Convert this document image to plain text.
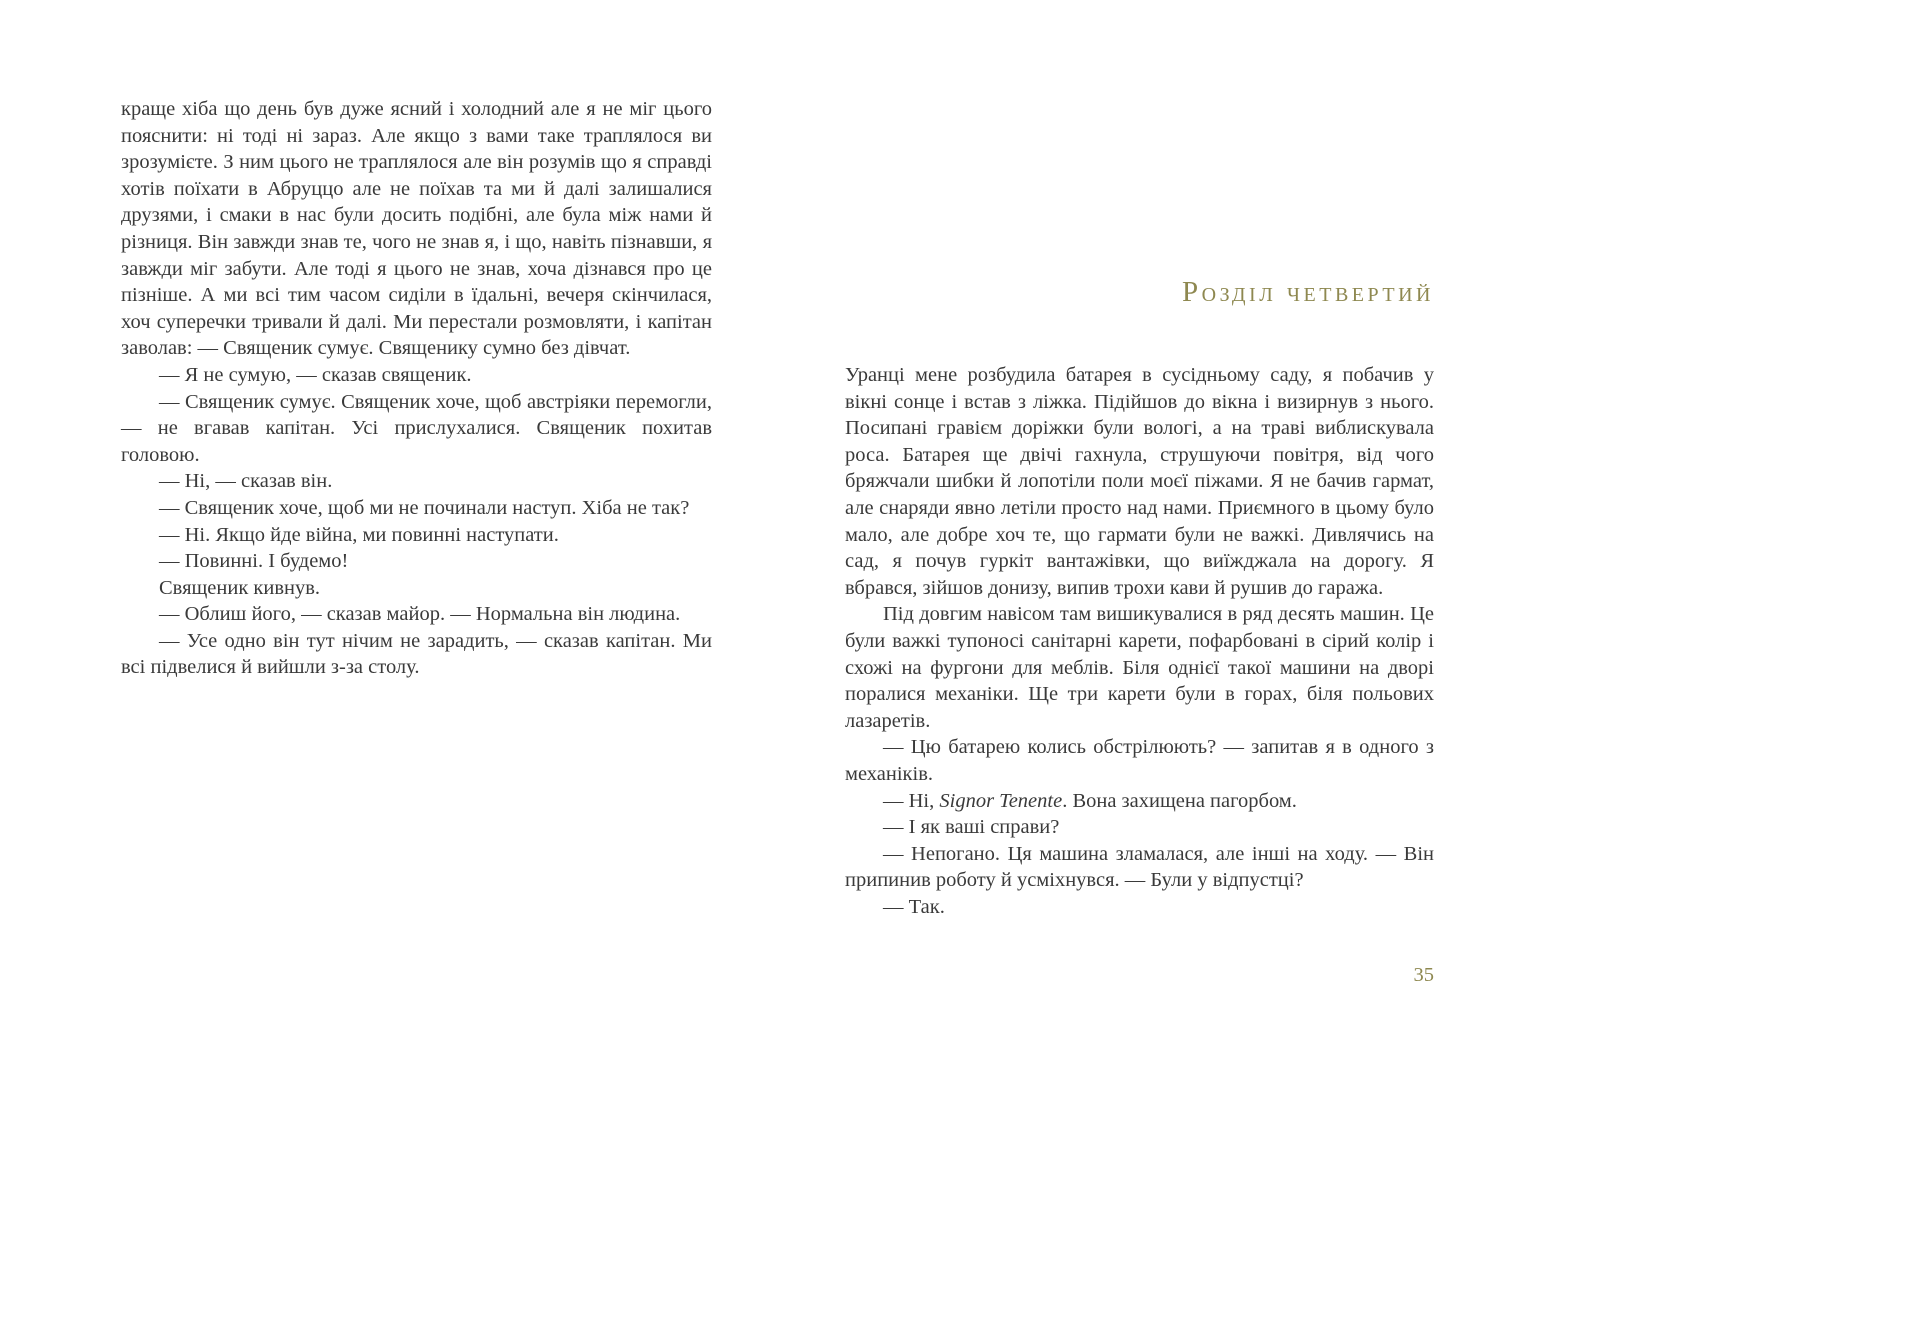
краще хіба що день був дуже ясний і холодний але я не міг цього пояснити: ні тоді ні зараз. Але якщо з вами таке траплялося ви зрозумієте. З ним цього не траплялося але він розумів що я справді хотів поїхати в Абруццо але не поїхав та ми й далі залишалися друзями, і смаки в нас були досить подібні, але була між нами й різниця. Він завжди знав те, чого не знав я, і що, навіть пізнавши, я завжди міг забути. Але тоді я цього не знав, хоча дізнався про це пізніше. А ми всі тим часом сиділи в їдальні, вечеря скінчилася, хоч суперечки тривали й далі. Ми перестали розмовляти, і капітан заволав: — Священик сумує. Священику сумно без дівчат.

— Я не сумую, — сказав священик.

— Священик сумує. Священик хоче, щоб австріяки перемогли, — не вгавав капітан. Усі прислухалися. Священик похитав головою.

— Ні, — сказав він.

— Священик хоче, щоб ми не починали наступ. Хіба не так?

— Ні. Якщо йде війна, ми повинні наступати.

— Повинні. І будемо!

Священик кивнув.

— Облиш його, — сказав майор. — Нормальна він людина.

— Усе одно він тут нічим не зарадить, — сказав капітан. Ми всі підвелися й вийшли з-за столу.

Розділ четвертий

Уранці мене розбудила батарея в сусідньому саду, я побачив у вікні сонце і встав з ліжка. Підійшов до вікна і визирнув з нього. Посипані гравієм доріжки були вологі, а на траві виблискувала роса. Батарея ще двічі гахнула, струшуючи повітря, від чого бряжчали шибки й лопотіли поли моєї піжами. Я не бачив гармат, але снаряди явно летіли просто над нами. Приємного в цьому було мало, але добре хоч те, що гармати були не важкі. Дивлячись на сад, я почув гуркіт вантажівки, що виїжджала на дорогу. Я вбрався, зійшов донизу, випив трохи кави й рушив до гаража.

Під довгим навісом там вишикувалися в ряд десять машин. Це були важкі тупоносі санітарні карети, пофарбовані в сірий колір і схожі на фургони для меблів. Біля однієї такої машини на дворі поралися механіки. Ще три карети були в горах, біля польових лазаретів.

— Цю батарею колись обстрілюють? — запитав я в одного з механіків.

— Ні, Signor Tenente. Вона захищена пагорбом.

— І як ваші справи?

— Непогано. Ця машина зламалася, але інші на ходу. — Він припинив роботу й усміхнувся. — Були у відпустці?

— Так.

35
